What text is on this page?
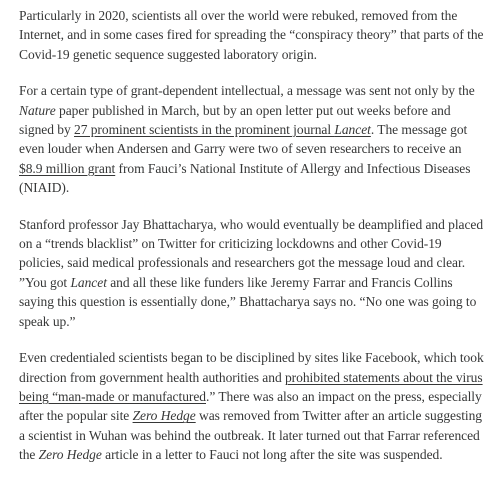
Particularly in 2020, scientists all over the world were rebuked, removed from the Internet, and in some cases fired for spreading the “conspiracy theory” that parts of the Covid-19 genetic sequence suggested laboratory origin.

For a certain type of grant-dependent intellectual, a message was sent not only by the Nature paper published in March, but by an open letter put out weeks before and signed by 27 prominent scientists in the prominent journal Lancet. The message got even louder when Andersen and Garry were two of seven researchers to receive an $8.9 million grant from Fauci’s National Institute of Allergy and Infectious Diseases (NIAID).

Stanford professor Jay Bhattacharya, who would eventually be deamplified and placed on a “trends blacklist” on Twitter for criticizing lockdowns and other Covid-19 policies, said medical professionals and researchers got the message loud and clear. ”You got Lancet and all these like funders like Jeremy Farrar and Francis Collins saying this question is essentially done,” Bhattacharya says no. “No one was going to speak up.”

Even credentialed scientists began to be disciplined by sites like Facebook, which took direction from government health authorities and prohibited statements about the virus being “man-made or manufactured.” There was also an impact on the press, especially after the popular site Zero Hedge was removed from Twitter after an article suggesting a scientist in Wuhan was behind the outbreak. It later turned out that Farrar referenced the Zero Hedge article in a letter to Fauci not long after the site was suspended.
